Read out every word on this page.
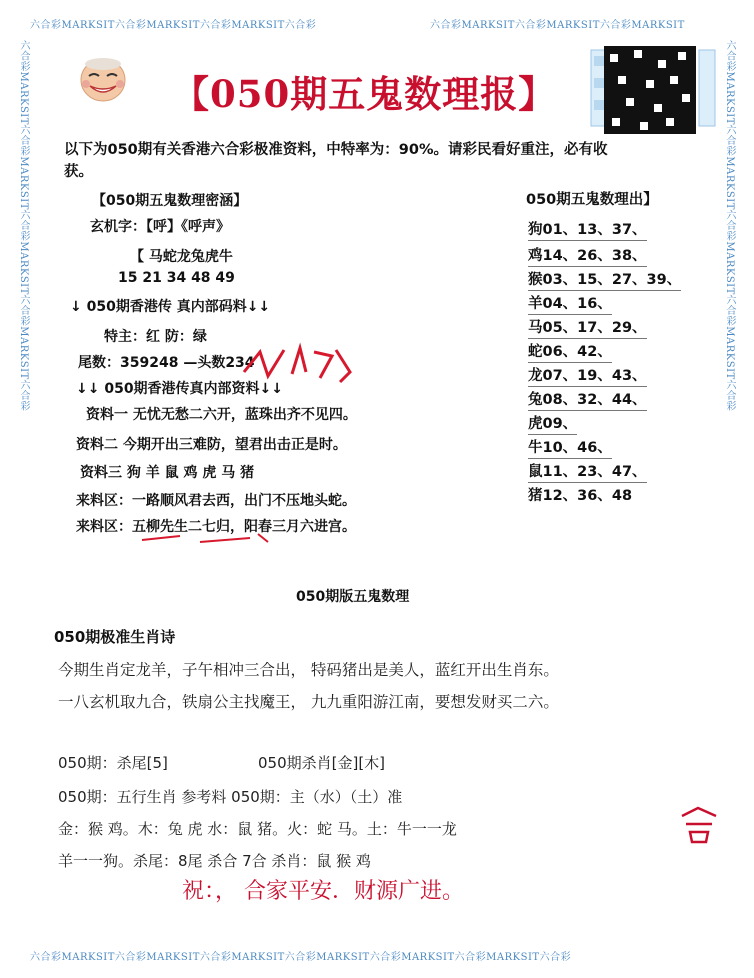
六合彩MARKSIT六合彩MARKSIT六合彩MARKSIT六合彩	六合彩MARKSIT六合彩MARKSIT六合彩MARKSIT
六合彩MARKSIT六合彩MARKSIT六合彩MARKSIT六合彩MARKSIT六合彩MARKSIT六合彩MARKSIT六合彩
六合彩MARKSIT六合彩MARKSIT六合彩MARKSIT六合彩MARKSIT六合彩	六合彩MARKSIT六合彩MARKSIT六合彩MARKSIT六合彩MARKSIT六合彩
【050期五鬼数理报】
以下为050期有关香港六合彩极准资料，中特率为：90%。请彩民看好重注，必有收
获。
【050期五鬼数理密涵】
玄机字：【呼】《呼声》
【 马蛇龙兔虎牛
15 21 34 48 49
↓ 050期香港传 真内部码料↓↓
特主：红 防：绿
尾数：359248 —头数234
↓↓ 050期香港传真内部资料↓↓
资料一 无忧无愁二六开，蓝珠出齐不见四。
资料二 今期开出三难防，望君出击正是时。
资料三 狗 羊 鼠 鸡 虎 马 猪
来料区：一路顺风君去西，出门不压地头蛇。
来料区：五柳先生二七归，阳春三月六进宫。
050期五鬼数理出】
狗01、13、37、
鸡14、26、38、
猴03、15、27、39、
羊04、16、
马05、17、29、
蛇06、42、
龙07、19、43、
兔08、32、44、
虎09、
牛10、46、
鼠11、23、47、
猪12、36、48
050期版五鬼数理
050期极准生肖诗
今期生肖定龙羊，子午相冲三合出， 特码猪出是美人，蓝红开出生肖东。
一八玄机取九合，铁扇公主找魔王， 九九重阳游江南，要想发财买二六。
050期：杀尾[5]	050期杀肖[金][木]
050期：五行生肖 参考料 050期：主（水）（土）准
金：猴 鸡。木：兔 虎 水：鼠 猪。火：蛇 马。土：牛一一龙
羊一一狗。杀尾：8尾 杀合 7合 杀肖：鼠 猴 鸡
祝：， 合家平安．财源广进。
